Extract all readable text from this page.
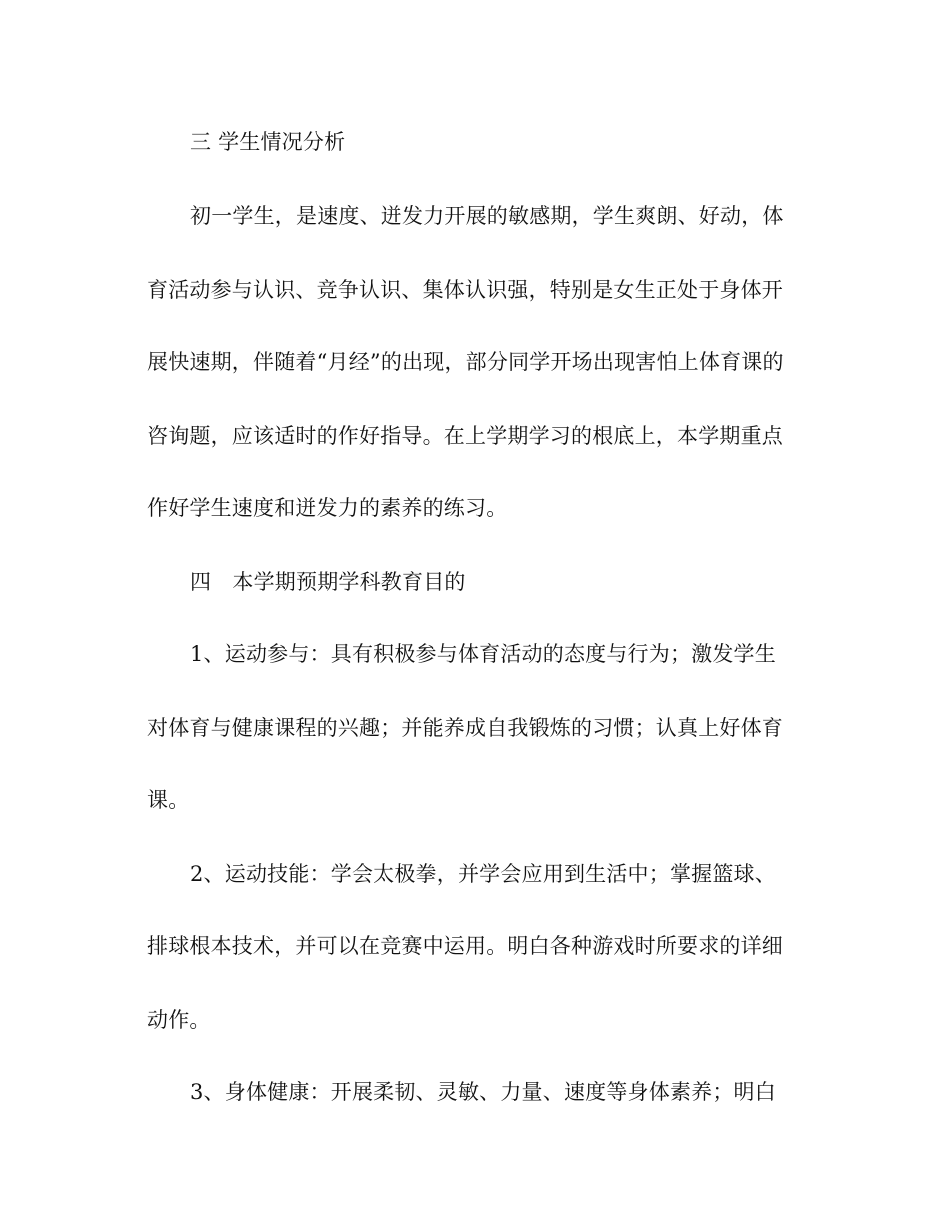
三 学生情况分析
初一学生，是速度、迸发力开展的敏感期，学生爽朗、好动，体
育活动参与认识、竞争认识、集体认识强，特别是女生正处于身体开
展快速期，伴随着“月经”的出现，部分同学开场出现害怕上体育课的
咨询题，应该适时的作好指导。在上学期学习的根底上，本学期重点
作好学生速度和迸发力的素养的练习。
四　本学期预期学科教育目的
1、运动参与：具有积极参与体育活动的态度与行为；激发学生
对体育与健康课程的兴趣；并能养成自我锻炼的习惯；认真上好体育
课。
2、运动技能：学会太极拳，并学会应用到生活中；掌握篮球、
排球根本技术，并可以在竞赛中运用。明白各种游戏时所要求的详细
动作。
3、身体健康：开展柔韧、灵敏、力量、速度等身体素养；明白
